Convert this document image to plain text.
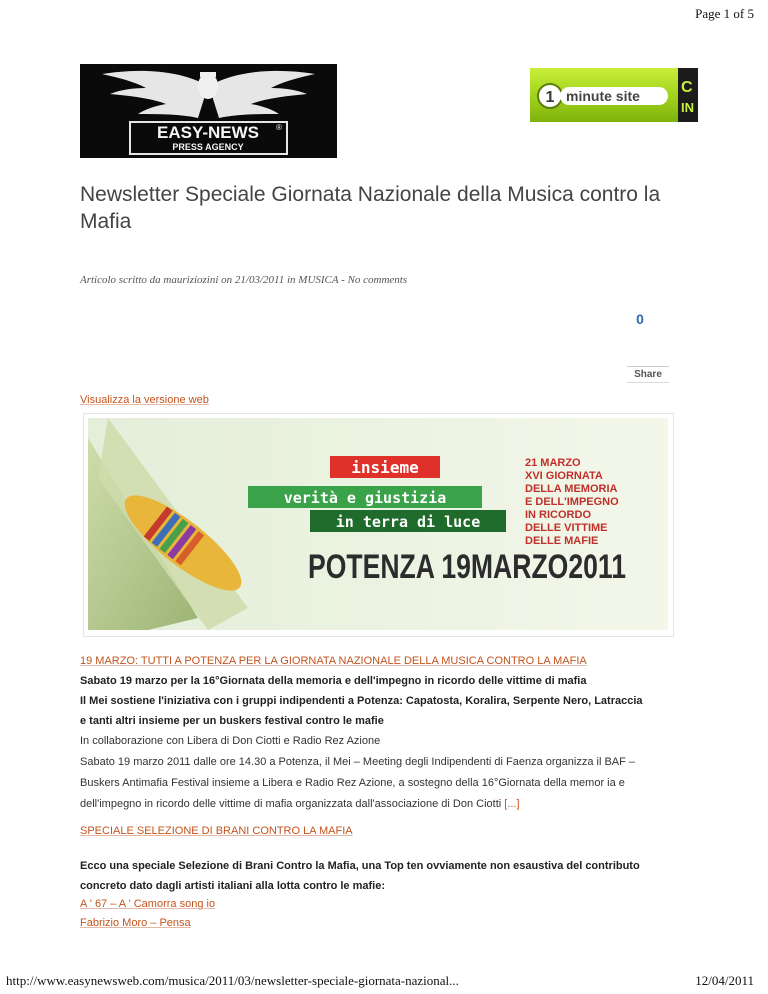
Page 1 of 5
EASY-NEWS ®
PRESS AGENCY
1 minute site	C
IN
Newsletter Speciale Giornata Nazionale della Musica contro la Mafia
Articolo scritto da mauriziozini on 21/03/2011 in MUSICA - No comments
0
Share
Visualizza la versione web
insieme
verità e giustizia
in terra di luce
21 MARZO
XVI GIORNATA
DELLA MEMORIA
E DELL'IMPEGNO
IN RICORDO
DELLE VITTIME
DELLE MAFIE
POTENZA 19MARZO2011
19 MARZO: TUTTI A POTENZA PER LA GIORNATA NAZIONALE DELLA MUSICA CONTRO LA MAFIA
Sabato 19 marzo per la 16°Giornata della memoria e dell'impegno in ricordo delle vittime di mafia
Il Mei sostiene l'iniziativa con i gruppi indipendenti a Potenza: Capatosta, Koralira, Serpente Nero, Latraccia
e tanti altri insieme per un buskers festival contro le mafie
In collaborazione con Libera di Don Ciotti e Radio Rez Azione
Sabato 19 marzo 2011 dalle ore 14.30 a Potenza, il Mei – Meeting degli Indipendenti di Faenza organizza il BAF –
Buskers Antimafia Festival insieme a Libera e Radio Rez Azione, a sostegno della 16°Giornata della memor ia e
dell'impegno in ricordo delle vittime di mafia organizzata dall'associazione di Don Ciotti [...]
SPECIALE SELEZIONE DI BRANI CONTRO LA MAFIA
Ecco una speciale Selezione di Brani Contro la Mafia, una Top ten ovviamente non esaustiva del contributo
concreto dato dagli artisti italiani alla lotta contro le mafie:
A ' 67 – A ' Camorra song io
Fabrizio Moro – Pensa
http://www.easynewsweb.com/musica/2011/03/newsletter-speciale-giornata-nazional...	12/04/2011
